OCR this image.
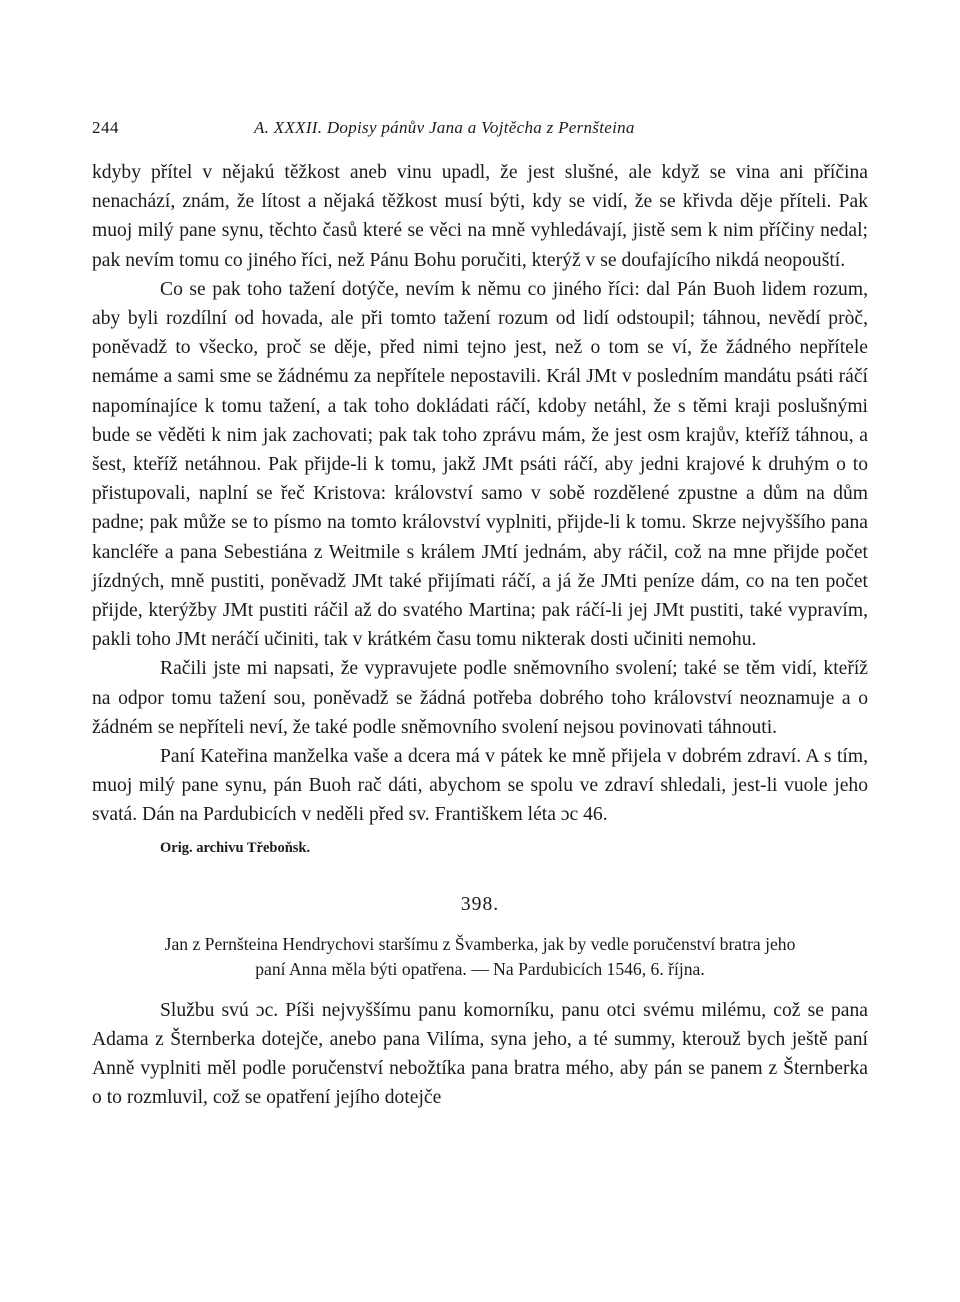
244	A. XXXII. Dopisy pánův Jana a Vojtěcha z Pernšteina

kdyby přítel v nějakú těžkost aneb vinu upadl, že jest slušné, ale když se vina ani příčina nenachází, znám, že lítost a nějaká těžkost musí býti, kdy se vidí, že se křivda děje příteli. Pak muoj milý pane synu, těchto časů které se věci na mně vyhledávají, jistě sem k nim příčiny nedal; pak nevím tomu co jiného říci, než Pánu Bohu poručiti, kterýž v se doufajícího nikdá neopouští.

Co se pak toho tažení dotýče, nevím k němu co jiného říci: dal Pán Buoh lidem rozum, aby byli rozdílní od hovada, ale při tomto tažení rozum od lidí odstoupil; táhnou, nevědí pròč, poněvadž to všecko, proč se děje, před nimi tejno jest, než o tom se ví, že žádného nepřítele nemáme a sami sme se žádnému za nepřítele nepostavili. Král JMt v posledním mandátu psáti ráčí napomínajíce k tomu tažení, a tak toho dokládati ráčí, kdoby netáhl, že s těmi kraji poslušnými bude se věděti k nim jak zachovati; pak tak toho zprávu mám, že jest osm krajův, kteříž táhnou, a šest, kteříž netáhnou. Pak přijde-li k tomu, jakž JMt psáti ráčí, aby jedni krajové k druhým o to přistupovali, naplní se řeč Kristova: království samo v sobě rozdělené zpustne a dům na dům padne; pak může se to písmo na tomto království vyplniti, přijde-li k tomu. Skrze nejvyššího pana kancléře a pana Sebestiána z Weitmile s králem JMtí jednám, aby ráčil, což na mne přijde počet jízdných, mně pustiti, poněvadž JMt také přijímati ráčí, a já že JMti peníze dám, co na ten počet přijde, kterýžby JMt pustiti ráčil až do svatého Martina; pak ráčí-li jej JMt pustiti, také vypravím, pakli toho JMt neráčí učiniti, tak v krátkém času tomu nikterak dosti učiniti nemohu.

Račili jste mi napsati, že vypravujete podle sněmovního svolení; také se těm vidí, kteříž na odpor tomu tažení sou, poněvadž se žádná potřeba dobrého toho království neoznamuje a o žádném se nepříteli neví, že také podle sněmovního svolení nejsou povinovati táhnouti.

Paní Kateřina manželka vaše a dcera má v pátek ke mně přijela v dobrém zdraví. A s tím, muoj milý pane synu, pán Buoh rač dáti, abychom se spolu ve zdraví shledali, jest-li vuole jeho svatá. Dán na Pardubicích v neděli před sv. Františkem léta ɔc 46.

Orig. archivu Třeboňsk.
398.
Jan z Pernšteina Hendrychovi staršímu z Švamberka, jak by vedle poručenství bratra jeho
paní Anna měla býti opatřena. — Na Pardubicích 1546, 6. října.

Službu svú ɔc. Píši nejvyššímu panu komorníku, panu otci svému milému, což se pana Adama z Šternberka dotejče, anebo pana Vilíma, syna jeho, a té summy, kterouž bych ještě paní Anně vyplniti měl podle poručenství nebožtíka pana bratra mého, aby pán se panem z Šternberka o to rozmluvil, což se opatření jejího dotejče
